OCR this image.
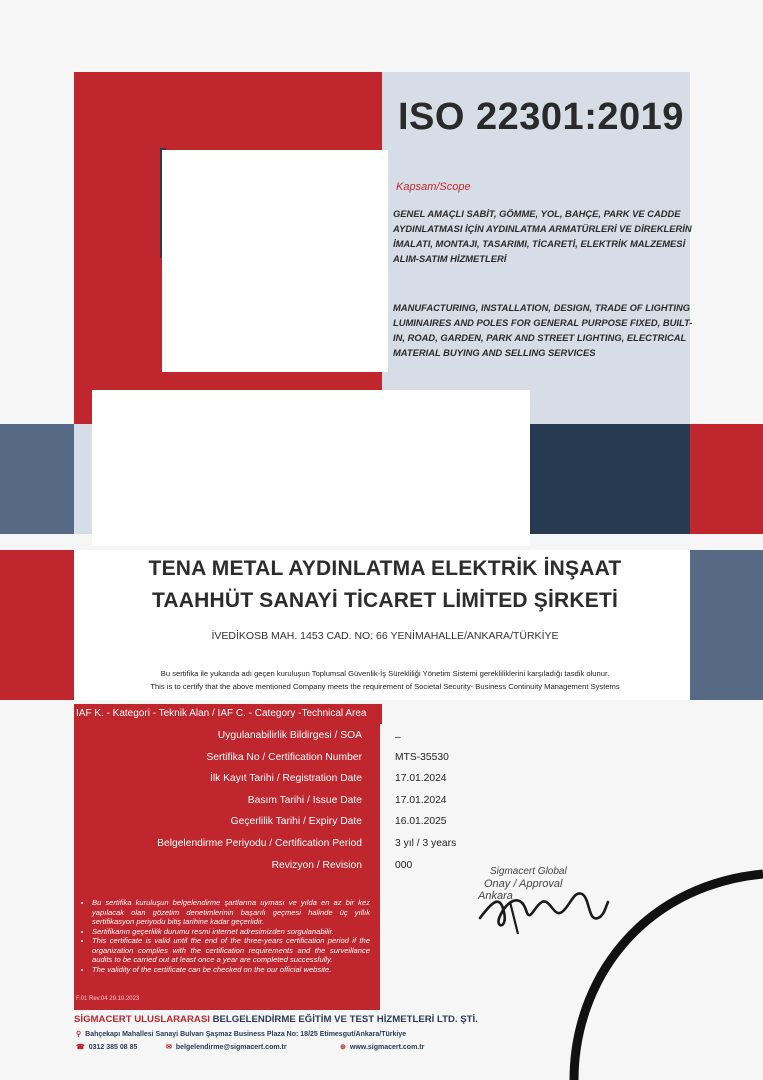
ISO 22301:2019
Kapsam/Scope
GENEL AMAÇLI SABİT, GÖMME, YOL, BAHÇE, PARK VE CADDE AYDINLATMASI İÇİN AYDINLATMA ARMATÜRLERİ VE DİREKLERİN İMALATI, MONTAJI, TASARIMI, TİCARETİ, ELEKTRİK MALZEMESİ ALIM-SATIM HİZMETLERİ
MANUFACTURING, INSTALLATION, DESIGN, TRADE OF LIGHTING LUMINAIRES AND POLES FOR GENERAL PURPOSE FIXED, BUILT-IN, ROAD, GARDEN, PARK AND STREET LIGHTING, ELECTRICAL MATERIAL BUYING AND SELLING SERVICES
TENA METAL AYDINLATMA ELEKTRİK İNŞAAT
TAAHHÜT SANAYİ TİCARET LİMİTED ŞİRKETİ
İVEDİKOSB MAH. 1453 CAD. NO: 66 YENİMAHALLE/ANKARA/TÜRKİYE
Bu sertifika ile yukarıda adı geçen kuruluşun Toplumsal Güvenlik-İş Sürekliliği Yönetim Sistemi gerekliliklerini karşıladığı tasdik olunur.
This is to certify that the above mentioned Company meets the requirement of Societal Security- Business Continuity Management Systems
IAF K. - Kategori - Teknik Alan / IAF C. - Category -Technical Area
Uygulanabilirlik Bildirgesi / SOA	–
Sertifika No / Certification Number	MTS-35530
İlk Kayıt Tarihi / Registration Date	17.01.2024
Basım Tarihi / Issue Date	17.01.2024
Geçerlilik Tarihi / Expiry Date	16.01.2025
Belgelendirme Periyodu / Certification Period	3 yıl / 3 years
Revizyon / Revision	000
• Bu sertifika kuruluşun belgelendirme şartlarına uyması ve yılda en az bir kez yapılacak olan gözetim denetimlerinin başarılı geçmesi halinde üç yıllık sertifikasyon periyodu bitiş tarihine kadar geçerlidir.
• Sertifikanın geçerlilik durumu resmi internet adresimizden sorgulanabilir.
• This certificate is valid until the end of the three-years certification period if the organization complies with the certification requirements and the surveillance audits to be carried out at least once a year are completed successfully.
• The validity of the certificate can be checked on the our official website.
F.01 Rev.04 29.10.2023
Sigmacert Global
Onay / Approval
Ankara
SİGMACERT ULUSLARARASI BELGELENDİRME EĞİTİM VE TEST HİZMETLERİ LTD. ŞTİ.
⚲ Bahçekapı Mahallesi Sanayi Bulvarı Şaşmaz Business Plaza No: 18/25 Etimesgut/Ankara/Türkiye
☎ 0312 385 08 85	✉ belgelendirme@sigmacert.com.tr	⊕ www.sigmacert.com.tr
